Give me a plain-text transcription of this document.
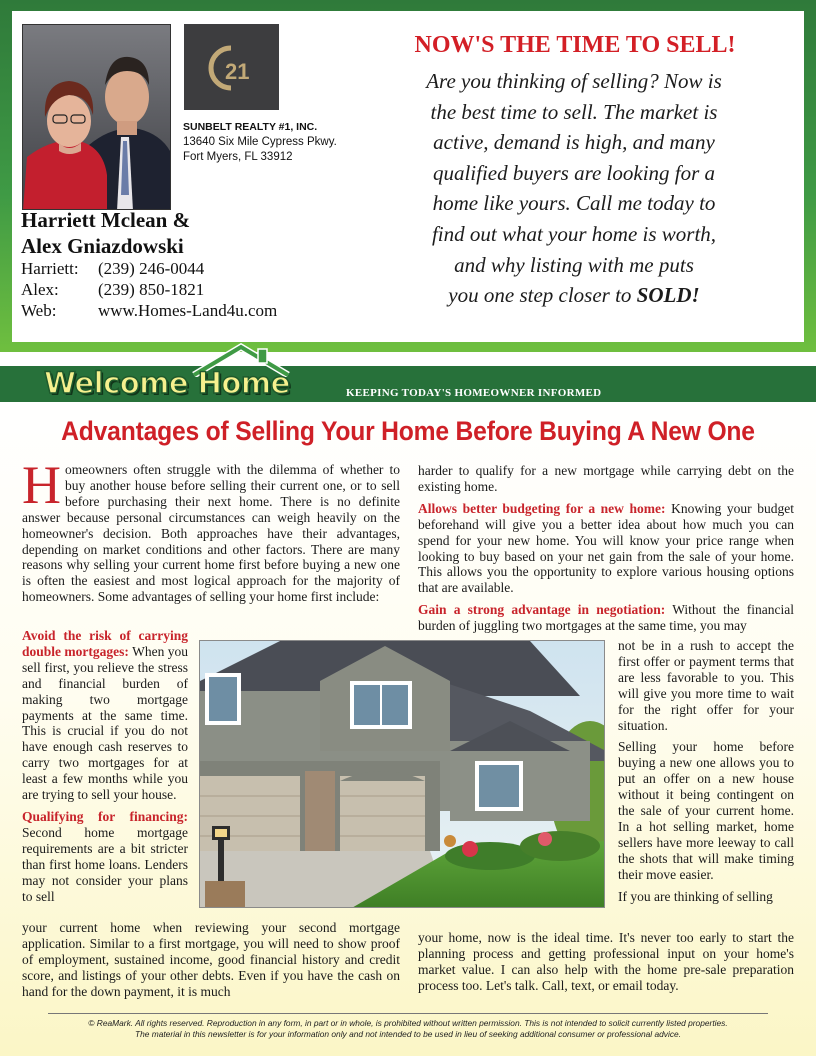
21
SUNBELT REALTY #1, INC.
13640 Six Mile Cypress Pkwy.
Fort Myers, FL 33912
Harriett Mclean &
Alex Gniazdowski
Harriett: (239) 246-0044
Alex: (239) 850-1821
Web: www.Homes-Land4u.com
NOW'S THE TIME TO SELL!
Are you thinking of selling? Now is
the best time to sell. The market is
active, demand is high, and many
qualified buyers are looking for a
home like yours. Call me today to
find out what your home is worth,
and why listing with me puts
you one step closer to SOLD!
Welcome Home	KEEPING TODAY'S HOMEOWNER INFORMED
Advantages of Selling Your Home Before Buying A New One
Homeowners often struggle with the dilemma of whether to buy another house before selling their current one, or to sell before purchasing their next home. There is no definite answer because personal circumstances can weigh heavily on the homeowner's decision. Both approaches have their advantages, depending on market conditions and other factors. There are many reasons why selling your current home first before buying a new one is often the easiest and most logical approach for the majority of homeowners. Some advantages of selling your home first include:

Avoid the risk of carrying double mortgages: When you sell first, you relieve the stress and financial burden of making two mortgage payments at the same time. This is crucial if you do not have enough cash reserves to carry two mortgages for at least a few months while you are trying to sell your house.

Qualifying for financing: Second home mortgage requirements are a bit stricter than first home loans. Lenders may not consider your plans to sell

your current home when reviewing your second mortgage application. Similar to a first mortgage, you will need to show proof of employment, sustained income, good financial history and credit score, and listings of your other debts. Even if you have the cash on hand for the down payment, it is much

harder to qualify for a new mortgage while carrying debt on the existing home.

Allows better budgeting for a new home: Knowing your budget beforehand will give you a better idea about how much you can spend for your new home. You will know your price range when looking to buy based on your net gain from the sale of your home. This allows you the opportunity to explore various housing options that are available.

Gain a strong advantage in negotiation: Without the financial burden of juggling two mortgages at the same time, you may

not be in a rush to accept the first offer or payment terms that are less favorable to you. This will give you more time to wait for the right offer for your situation.

Selling your home before buying a new one allows you to put an offer on a new house without it being contingent on the sale of your current home. In a hot selling market, home sellers have more leeway to call the shots that will make timing their move easier.

If you are thinking of selling

your home, now is the ideal time. It's never too early to start the planning process and getting professional input on your home's market value. I can also help with the home pre-sale preparation process too. Let's talk. Call, text, or email today.

© ReaMark. All rights reserved. Reproduction in any form, in part or in whole, is prohibited without written permission. This is not intended to solicit currently listed properties.
The material in this newsletter is for your information only and not intended to be used in lieu of seeking additional consumer or professional advice.
